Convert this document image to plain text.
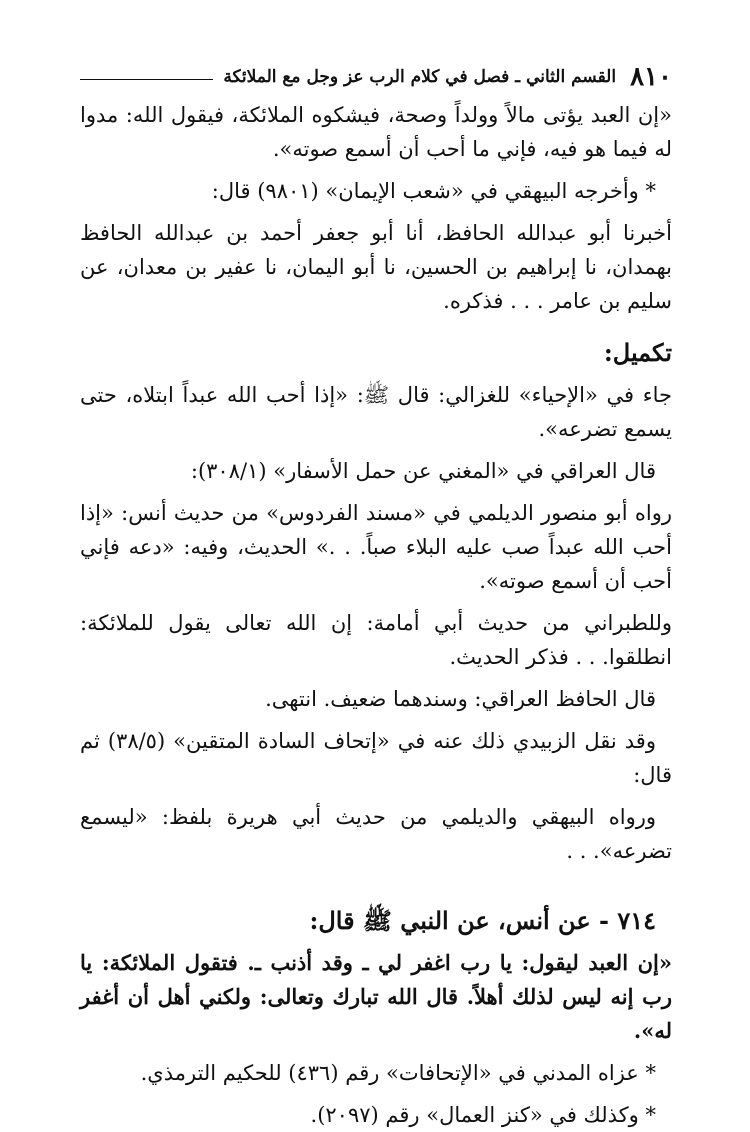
٨١٠
القسم الثاني ـ فصل في كلام الرب عز وجل مع الملائكة

«إن العبد يؤتى مالاً وولداً وصحة، فيشكوه الملائكة، فيقول الله: مدوا له فيما هو فيه، فإني ما أحب أن أسمع صوته».

* وأخرجه البيهقي في «شعب الإيمان» (٩٨٠١) قال:

أخبرنا أبو عبدالله الحافظ، أنا أبو جعفر أحمد بن عبدالله الحافظ بهمدان، نا إبراهيم بن الحسين، نا أبو اليمان، نا عفير بن معدان، عن سليم بن عامر . . . فذكره.

تكميل:

جاء في «الإحياء» للغزالي: قال ﷺ: «إذا أحب الله عبداً ابتلاه، حتى يسمع تضرعه».

قال العراقي في «المغني عن حمل الأسفار» (٣٠٨/١):

رواه أبو منصور الديلمي في «مسند الفردوس» من حديث أنس: «إذا أحب الله عبداً صب عليه البلاء صباً. . .» الحديث، وفيه: «دعه فإني أحب أن أسمع صوته».

وللطبراني من حديث أبي أمامة: إن الله تعالى يقول للملائكة: انطلقوا. . . فذكر الحديث.

قال الحافظ العراقي: وسندهما ضعيف. انتهى.

وقد نقل الزبيدي ذلك عنه في «إتحاف السادة المتقين» (٣٨/٥) ثم قال:

ورواه البيهقي والديلمي من حديث أبي هريرة بلفظ: «ليسمع تضرعه». . .

٧١٤ - عن أنس، عن النبي ﷺ قال:

«إن العبد ليقول: يا رب اغفر لي ـ وقد أذنب ـ. فتقول الملائكة: يا رب إنه ليس لذلك أهلاً. قال الله تبارك وتعالى: ولكني أهل أن أغفر له».

* عزاه المدني في «الإتحافات» رقم (٤٣٦) للحكيم الترمذي.

* وكذلك في «كنز العمال» رقم (٢٠٩٧).
